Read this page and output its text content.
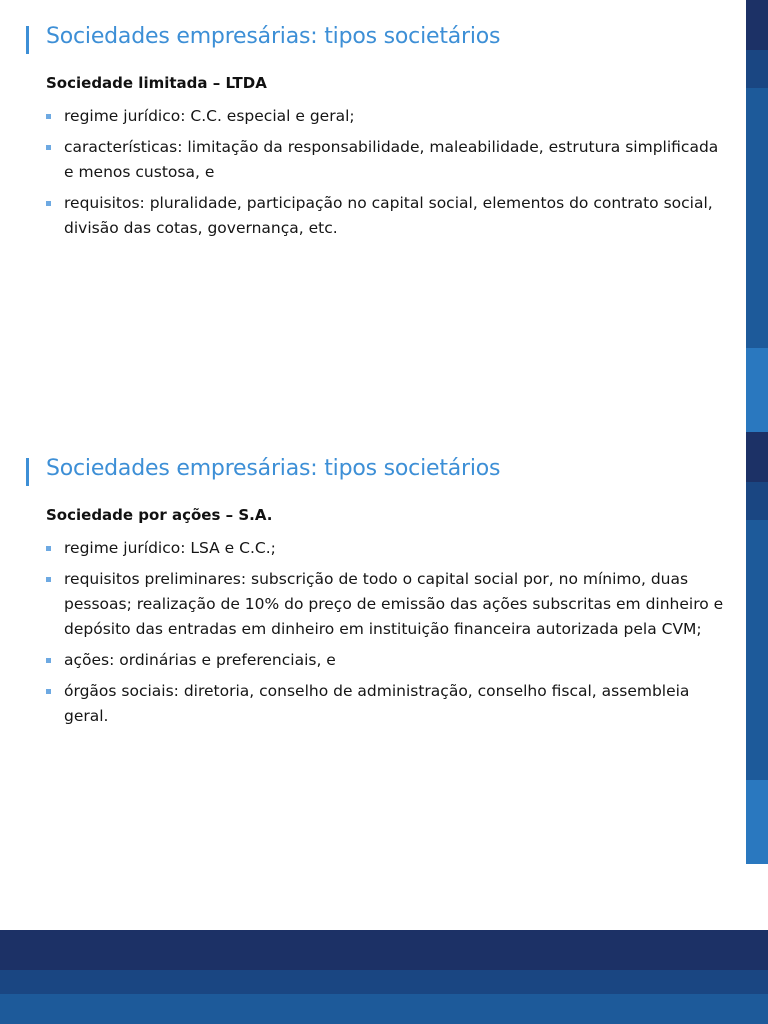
Sociedades empresárias: tipos societários
Sociedade limitada – LTDA
regime jurídico: C.C. especial e geral;
características: limitação da responsabilidade, maleabilidade, estrutura simplificada e menos custosa, e
requisitos: pluralidade, participação no capital social, elementos do contrato social, divisão das cotas, governança, etc.
Sociedades empresárias: tipos societários
Sociedade por ações – S.A.
regime jurídico: LSA e C.C.;
requisitos preliminares: subscrição de todo o capital social por, no mínimo, duas pessoas; realização de 10% do preço de emissão das ações subscritas em dinheiro e depósito das entradas em dinheiro em instituição financeira autorizada pela CVM;
ações: ordinárias e preferenciais, e
órgãos sociais: diretoria, conselho de administração, conselho fiscal, assembleia geral.
